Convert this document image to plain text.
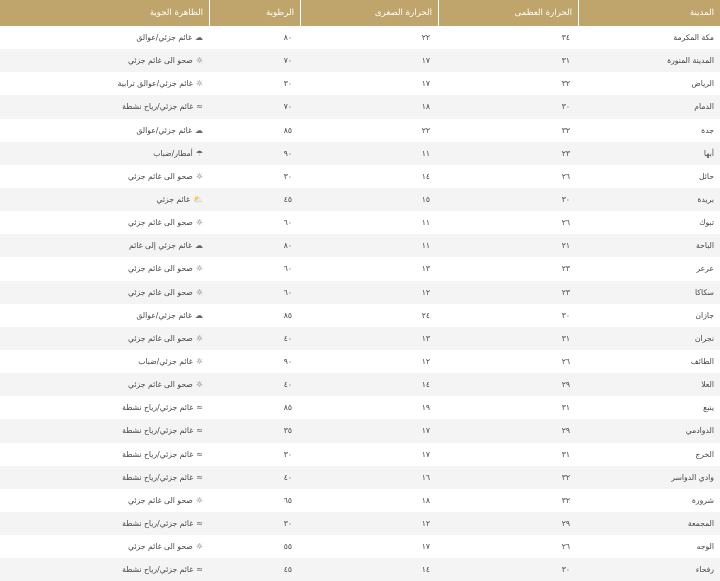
المدينة
الحرارة العظمى
الحرارة الصغرى
الرطوبة
الظاهرة الجوية
مكة المكرمة
٣٤
٢٢
٨٠
☁
غائم جزئي/عوالق
المدينة المنورة
٣١
١٧
٧٠
☼
صحو الى غائم جزئي
الرياض
٣٢
١٧
٣٠
☼
غائم جزئي/عوالق ترابية
الدمام
٣٠
١٨
٧٠
≈
غائم جزئي/رياح نشطة
جدة
٣٢
٢٢
٨٥
☁
غائم جزئي/عوالق
أبها
٢٣
١١
٩٠
☂
أمطار/ضباب
حائل
٢٦
١٤
٣٠
☼
صحو الى غائم جزئي
بريدة
٣٠
١٥
٤٥
⛅
غائم جزئي
تبوك
٢٦
١١
٦٠
☼
صحو الى غائم جزئي
الباحة
٢١
١١
٨٠
☁
غائم جزئي إلى غائم
عرعر
٢٣
١٣
٦٠
☼
صحو الى غائم جزئي
سكاكا
٢٣
١٢
٦٠
☼
صحو الى غائم جزئي
جازان
٣٠
٢٤
٨٥
☁
غائم جزئي/عوالق
نجران
٣١
١٣
٤٠
☼
صحو الى غائم جزئي
الطائف
٢٦
١٢
٩٠
☼
غائم جزئي/ضباب
العلا
٢٩
١٤
٤٠
☼
صحو الى غائم جزئي
ينبع
٣١
١٩
٨٥
≈
غائم جزئي/رياح نشطة
الدوادمي
٢٩
١٧
٣٥
≈
غائم جزئي/رياح نشطة
الخرج
٣١
١٧
٣٠
≈
غائم جزئي/رياح نشطة
وادي الدواسر
٣٢
١٦
٤٠
≈
غائم جزئي/رياح نشطة
شرورة
٣٢
١٨
٦٥
☼
صحو الى غائم جزئي
المجمعة
٢٩
١٢
٣٠
≈
غائم جزئي/رياح نشطة
الوجه
٢٦
١٧
٥٥
☼
صحو الى غائم جزئي
رفحاء
٣٠
١٤
٤٥
≈
غائم جزئي/رياح نشطة
